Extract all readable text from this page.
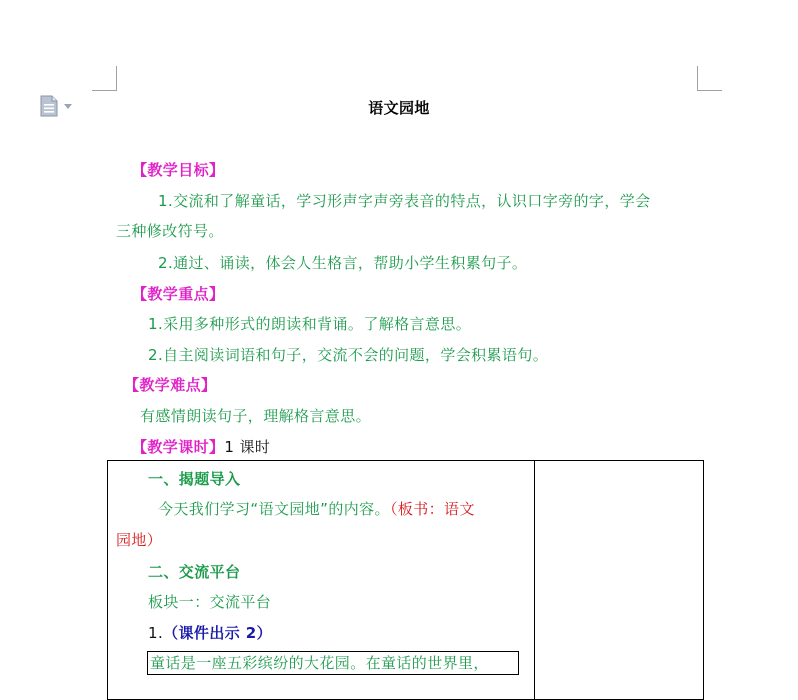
语文园地
【教学目标】
1.交流和了解童话，学习形声字声旁表音的特点，认识口字旁的字，学会
三种修改符号。
2.通过、诵读，体会人生格言，帮助小学生积累句子。
【教学重点】
1.采用多种形式的朗读和背诵。了解格言意思。
2.自主阅读词语和句子，交流不会的问题，学会积累语句。
【教学难点】
有感情朗读句子，理解格言意思。
【教学课时】1 课时
一、揭题导入
今天我们学习“语文园地”的内容。（板书：语文
园地）
二、交流平台
板块一：交流平台
1.（课件出示 2）
童话是一座五彩缤纷的大花园。在童话的世界里，
